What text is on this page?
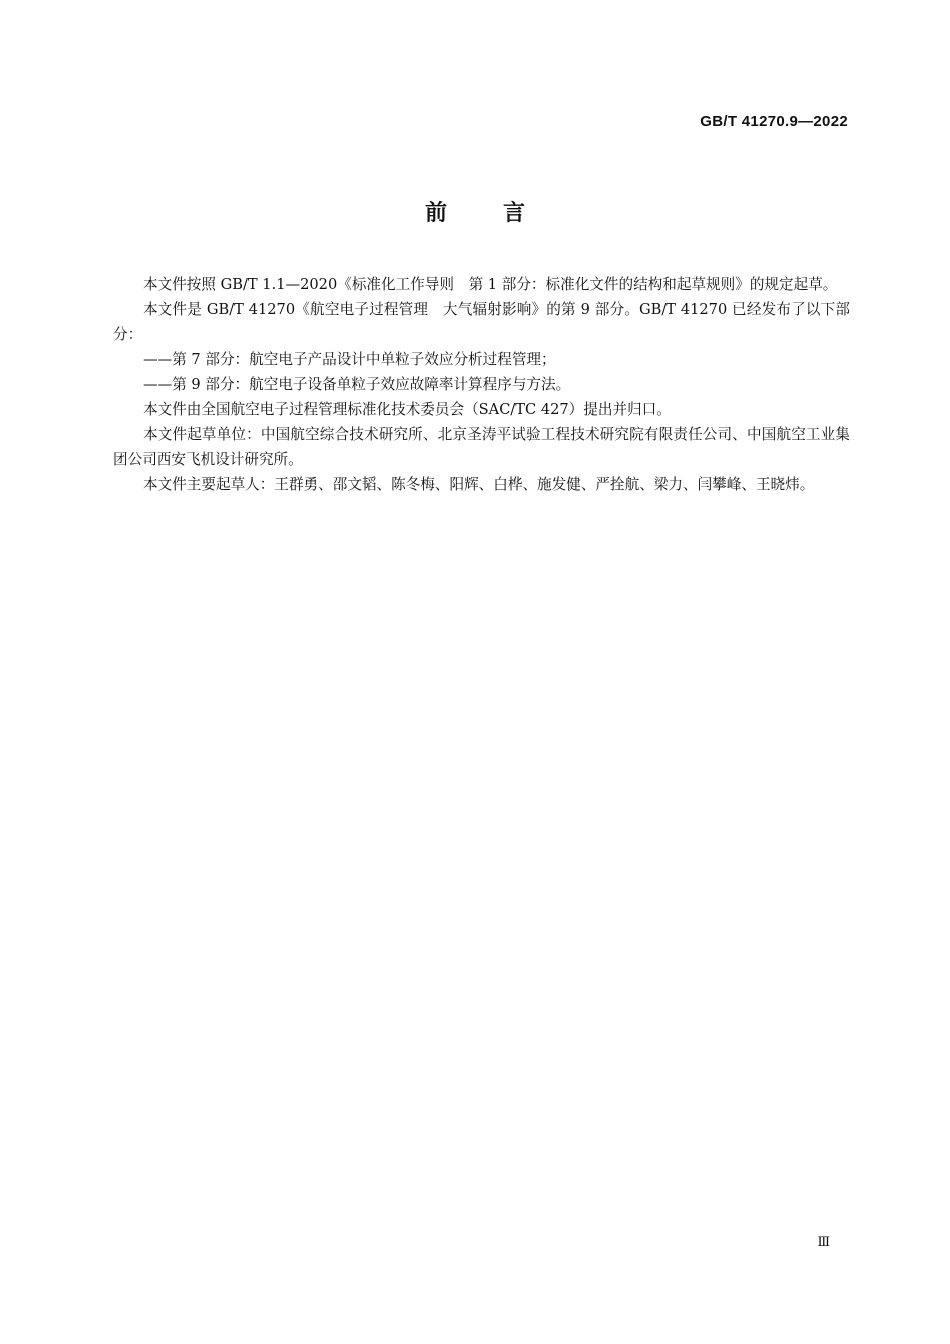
GB/T 41270.9—2022
前	言

本文件按照 GB/T 1.1—2020《标准化工作导则　第 1 部分：标准化文件的结构和起草规则》的规定起草。

本文件是 GB/T 41270《航空电子过程管理　大气辐射影响》的第 9 部分。GB/T 41270 已经发布了以下部分：

——第 7 部分：航空电子产品设计中单粒子效应分析过程管理；

——第 9 部分：航空电子设备单粒子效应故障率计算程序与方法。

本文件由全国航空电子过程管理标准化技术委员会（SAC/TC 427）提出并归口。

本文件起草单位：中国航空综合技术研究所、北京圣涛平试验工程技术研究院有限责任公司、中国航空工业集团公司西安飞机设计研究所。

本文件主要起草人：王群勇、邵文韬、陈冬梅、阳辉、白桦、施发健、严拴航、梁力、闫攀峰、王晓炜。

Ⅲ
